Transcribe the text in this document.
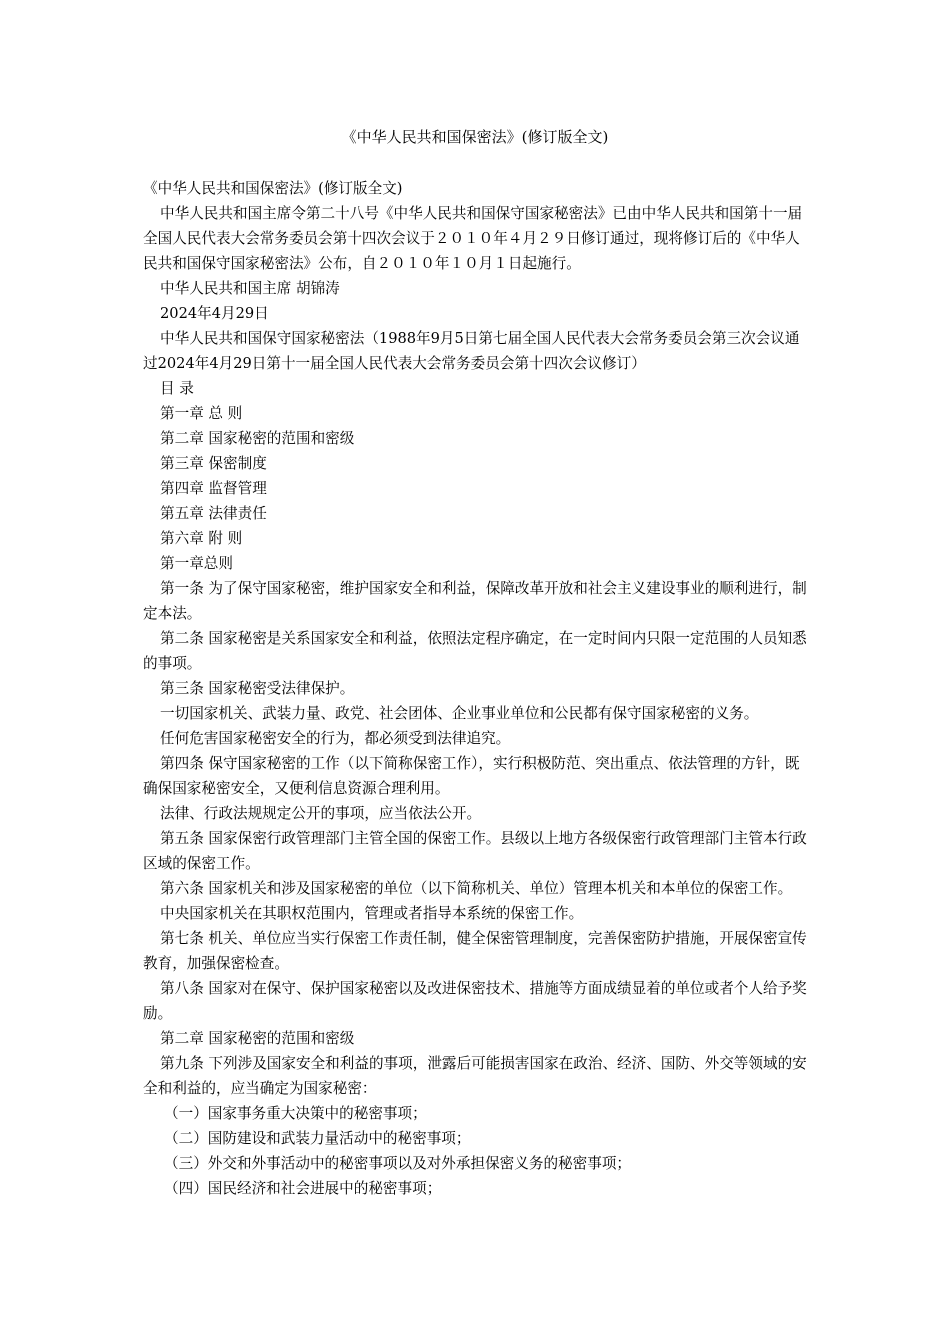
《中华人民共和国保密法》(修订版全文)

《中华人民共和国保密法》(修订版全文)

中华人民共和国主席令第二十八号《中华人民共和国保守国家秘密法》已由中华人民共和国第十一届全国人民代表大会常务委员会第十四次会议于２０１０年４月２９日修订通过，现将修订后的《中华人民共和国保守国家秘密法》公布，自２０１０年１０月１日起施行。

中华人民共和国主席 胡锦涛

2024年4月29日

中华人民共和国保守国家秘密法（1988年9月5日第七届全国人民代表大会常务委员会第三次会议通过2024年4月29日第十一届全国人民代表大会常务委员会第十四次会议修订）

目 录

第一章 总 则

第二章 国家秘密的范围和密级

第三章 保密制度

第四章 监督管理

第五章 法律责任

第六章 附 则

第一章总则

第一条 为了保守国家秘密，维护国家安全和利益，保障改革开放和社会主义建设事业的顺利进行，制定本法。

第二条 国家秘密是关系国家安全和利益，依照法定程序确定，在一定时间内只限一定范围的人员知悉的事项。

第三条 国家秘密受法律保护。

一切国家机关、武装力量、政党、社会团体、企业事业单位和公民都有保守国家秘密的义务。

任何危害国家秘密安全的行为，都必须受到法律追究。

第四条 保守国家秘密的工作（以下简称保密工作），实行积极防范、突出重点、依法管理的方针，既确保国家秘密安全，又便利信息资源合理利用。

法律、行政法规规定公开的事项，应当依法公开。

第五条 国家保密行政管理部门主管全国的保密工作。县级以上地方各级保密行政管理部门主管本行政区域的保密工作。

第六条 国家机关和涉及国家秘密的单位（以下简称机关、单位）管理本机关和本单位的保密工作。

中央国家机关在其职权范围内，管理或者指导本系统的保密工作。

第七条 机关、单位应当实行保密工作责任制，健全保密管理制度，完善保密防护措施，开展保密宣传教育，加强保密检查。

第八条 国家对在保守、保护国家秘密以及改进保密技术、措施等方面成绩显着的单位或者个人给予奖励。

第二章 国家秘密的范围和密级

第九条 下列涉及国家安全和利益的事项，泄露后可能损害国家在政治、经济、国防、外交等领域的安全和利益的，应当确定为国家秘密：

（一）国家事务重大决策中的秘密事项；

（二）国防建设和武装力量活动中的秘密事项；

（三）外交和外事活动中的秘密事项以及对外承担保密义务的秘密事项；

（四）国民经济和社会进展中的秘密事项；
